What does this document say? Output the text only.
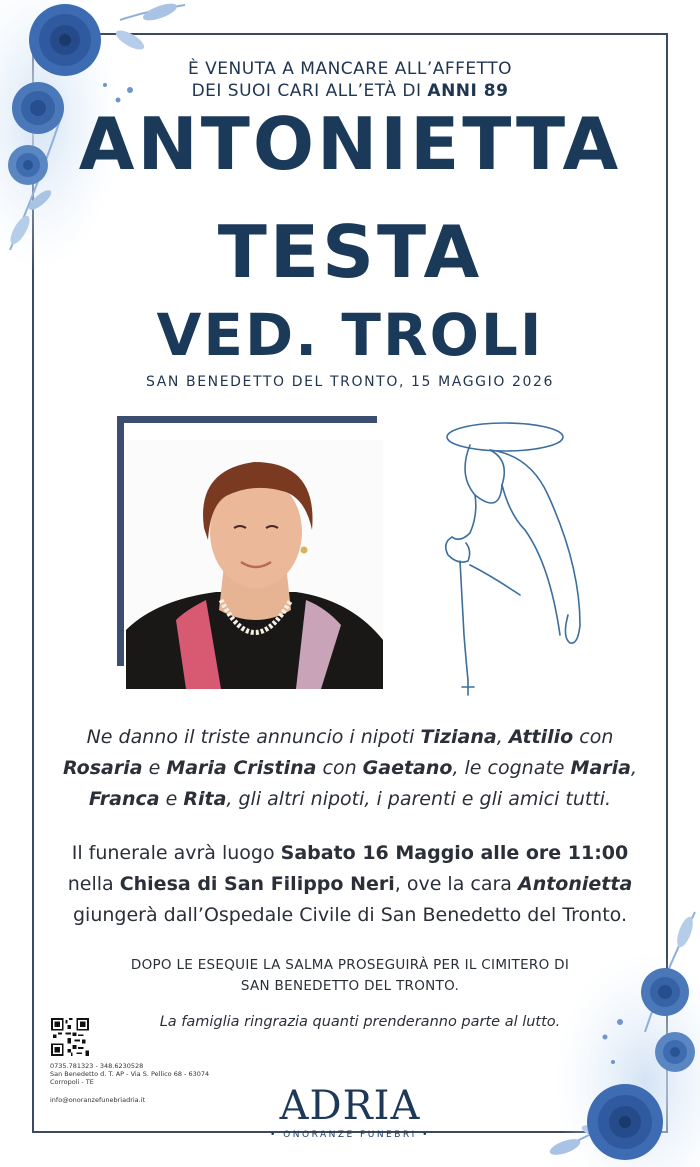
È VENUTA A MANCARE ALL’AFFETTO
DEI SUOI CARI ALL’ETÀ DI ANNI 89
ANTONIETTA
TESTA
VED. TROLI
SAN BENEDETTO DEL TRONTO, 15 MAGGIO 2026
Ne danno il triste annuncio i nipoti Tiziana, Attilio con
Rosaria e Maria Cristina con Gaetano, le cognate Maria,
Franca e Rita, gli altri nipoti, i parenti e gli amici tutti.
Il funerale avrà luogo Sabato 16 Maggio alle ore 11:00
nella Chiesa di San Filippo Neri, ove la cara Antonietta
giungerà dall’Ospedale Civile di San Benedetto del Tronto.
DOPO LE ESEQUIE LA SALMA PROSEGUIRÀ PER IL CIMITERO DI
SAN BENEDETTO DEL TRONTO.
La famiglia ringrazia quanti prenderanno parte al lutto.
0735.781323 - 348.6230528
San Benedetto d. T. AP - Via S. Pellico 68 - 63074
Corropoli - TE
info@onoranzefunebriadria.it	ADRIA
• ONORANZE FUNEBRI •
